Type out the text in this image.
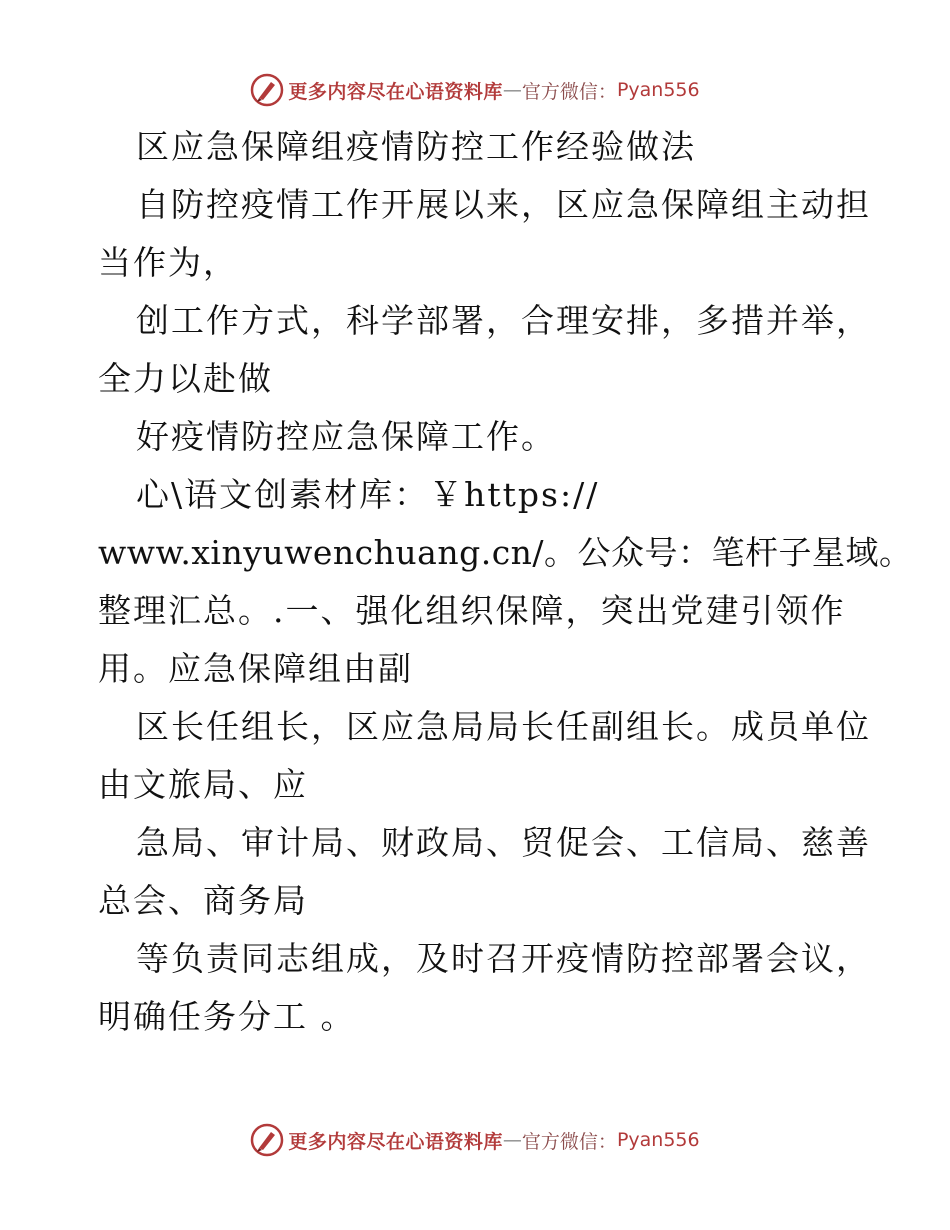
更多内容尽在心语资料库 — 官方微信： Pyan556
区应急保障组疫情防控工作经验做法
自防控疫情工作开展以来，区应急保障组主动担
当作为，
创工作方式，科学部署，合理安排，多措并举，
全力以赴做
好疫情防控应急保障工作。
心\语文创素材库：￥https://
www.xinyuwenchuang.cn/。公众号：笔杆子星域。
整理汇总。.一、强化组织保障，突出党建引领作
用。应急保障组由副
区长任组长，区应急局局长任副组长。成员单位
由文旅局、应
急局、审计局、财政局、贸促会、工信局、慈善
总会、商务局
等负责同志组成，及时召开疫情防控部署会议，
明确任务分工 。
更多内容尽在心语资料库 — 官方微信： Pyan556
